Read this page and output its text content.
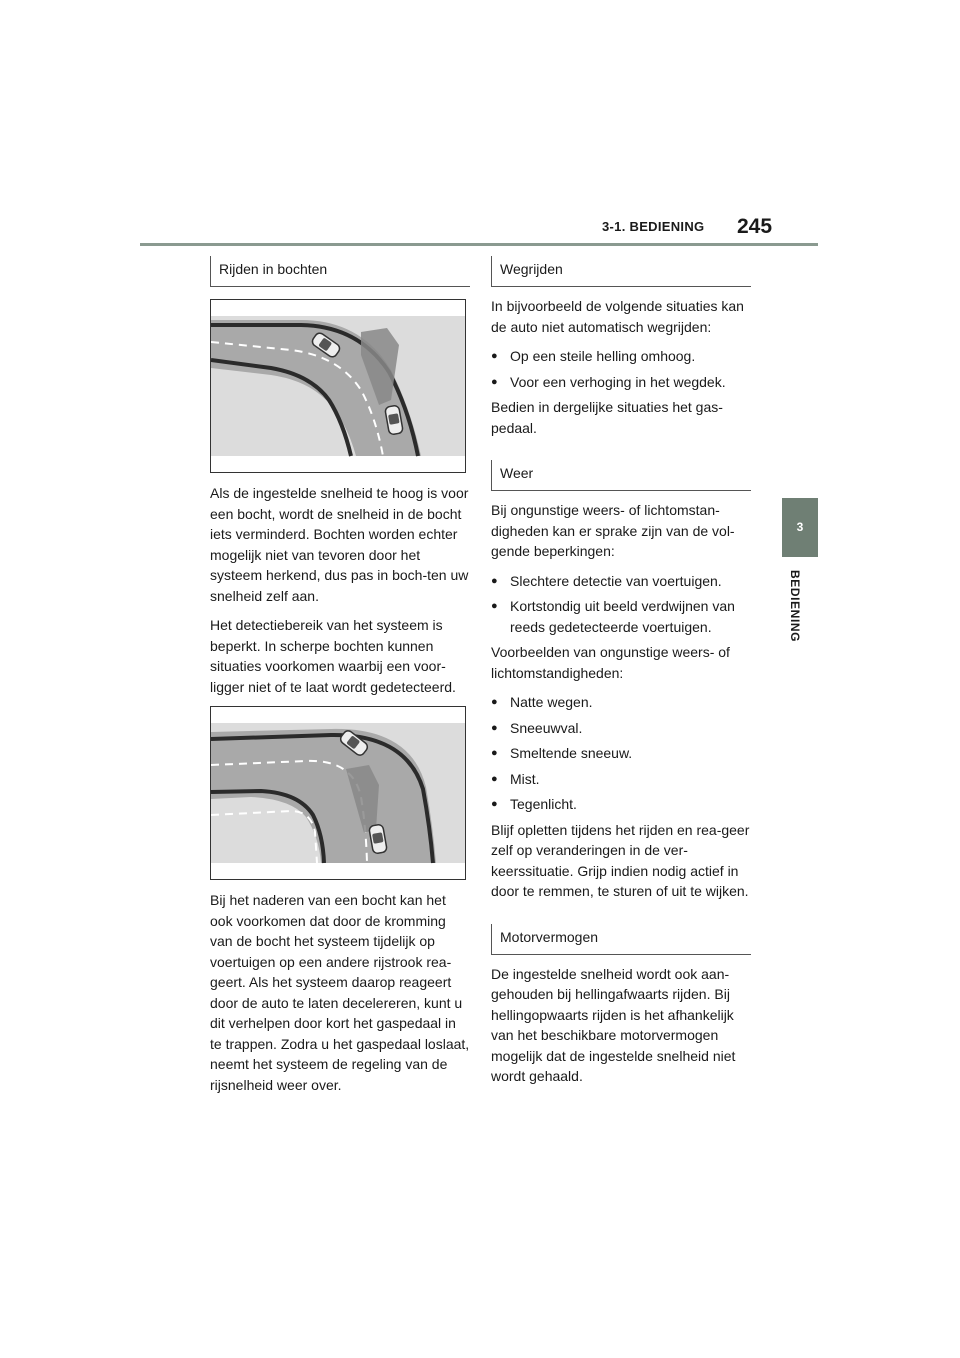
3-1. BEDIENING 245
3
BEDIENING
Rijden in bochten

Als de ingestelde snelheid te hoog is voor een bocht, wordt de snelheid in de bocht iets verminderd. Bochten worden echter mogelijk niet van tevoren door het systeem herkend, dus pas in boch-ten uw snelheid zelf aan.

Het detectiebereik van het systeem is beperkt. In scherpe bochten kunnen situaties voorkomen waarbij een voor-ligger niet of te laat wordt gedetecteerd.

Bij het naderen van een bocht kan het ook voorkomen dat door de kromming van de bocht het systeem tijdelijk op voertuigen op een andere rijstrook rea-geert. Als het systeem daarop reageert door de auto te laten decelereren, kunt u dit verhelpen door kort het gaspedaal in te trappen. Zodra u het gaspedaal loslaat, neemt het systeem de regeling van de rijsnelheid weer over.

Wegrijden

In bijvoorbeeld de volgende situaties kan de auto niet automatisch wegrijden:

● Op een steile helling omhoog.
● Voor een verhoging in het wegdek.

Bedien in dergelijke situaties het gas-pedaal.

Weer

Bij ongunstige weers- of lichtomstan-digheden kan er sprake zijn van de vol-gende beperkingen:

● Slechtere detectie van voertuigen.
● Kortstondig uit beeld verdwijnen van reeds gedetecteerde voertuigen.

Voorbeelden van ongunstige weers- of lichtomstandigheden:

● Natte wegen.
● Sneeuwval.
● Smeltende sneeuw.
● Mist.
● Tegenlicht.

Blijf opletten tijdens het rijden en rea-geer zelf op veranderingen in de ver-keerssituatie. Grijp indien nodig actief in door te remmen, te sturen of uit te wijken.

Motorvermogen

De ingestelde snelheid wordt ook aan-gehouden bij hellingafwaarts rijden. Bij hellingopwaarts rijden is het afhankelijk van het beschikbare motorvermogen mogelijk dat de ingestelde snelheid niet wordt gehaald.
